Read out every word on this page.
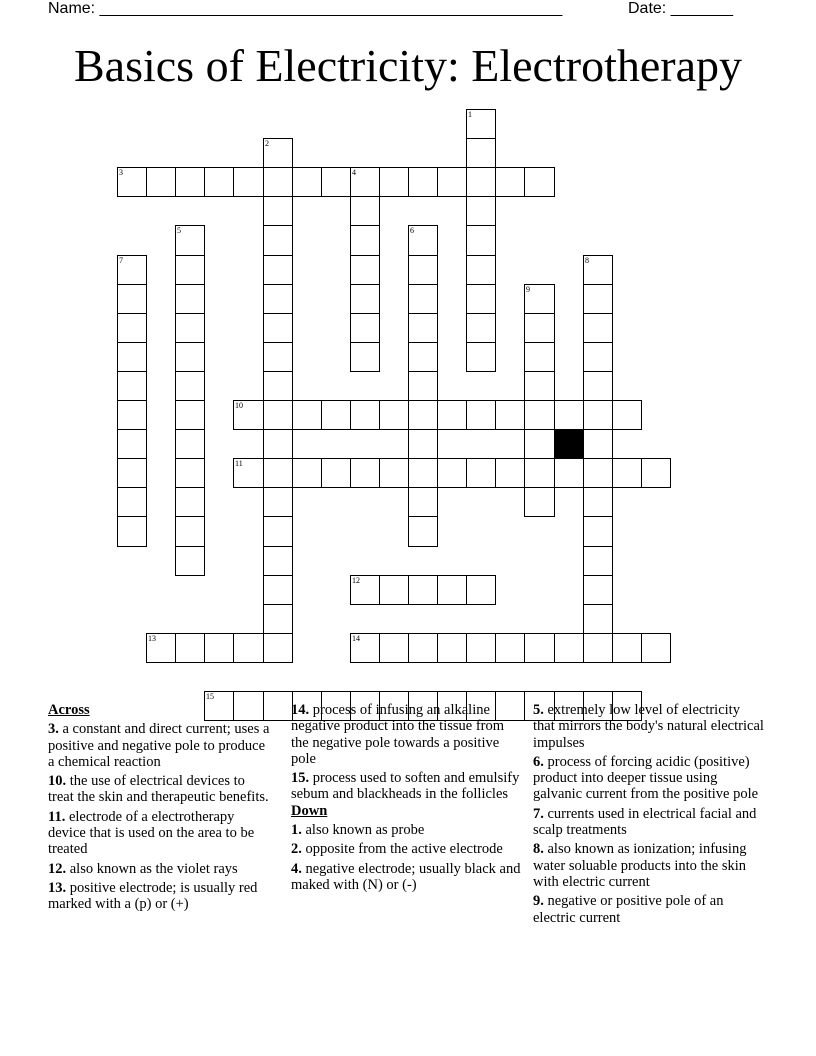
Name: ____________________________________________________	Date: _______
Basics of Electricity: Electrotherapy
1
2
3	4
5	6
7	8
9
10
11
12
13	14
15
Across
3. a constant and direct current; uses a positive and negative pole to produce a chemical reaction
10. the use of electrical devices to treat the skin and therapeutic benefits.
11. electrode of a electrotherapy device that is used on the area to be treated
12. also known as the violet rays
13. positive electrode; is usually red marked with a (p) or (+)
14. process of infusing an alkaline negative product into the tissue from the negative pole towards a positive pole
15. process used to soften and emulsify sebum and blackheads in the follicles
Down
1. also known as probe
2. opposite from the active electrode
4. negative electrode; usually black and maked with (N) or (-)
5. extremely low level of electricity that mirrors the body's natural electrical impulses
6. process of forcing acidic (positive) product into deeper tissue using galvanic current from the positive pole
7. currents used in electrical facial and scalp treatments
8. also known as ionization; infusing water soluable products into the skin with electric current
9. negative or positive pole of an electric current
